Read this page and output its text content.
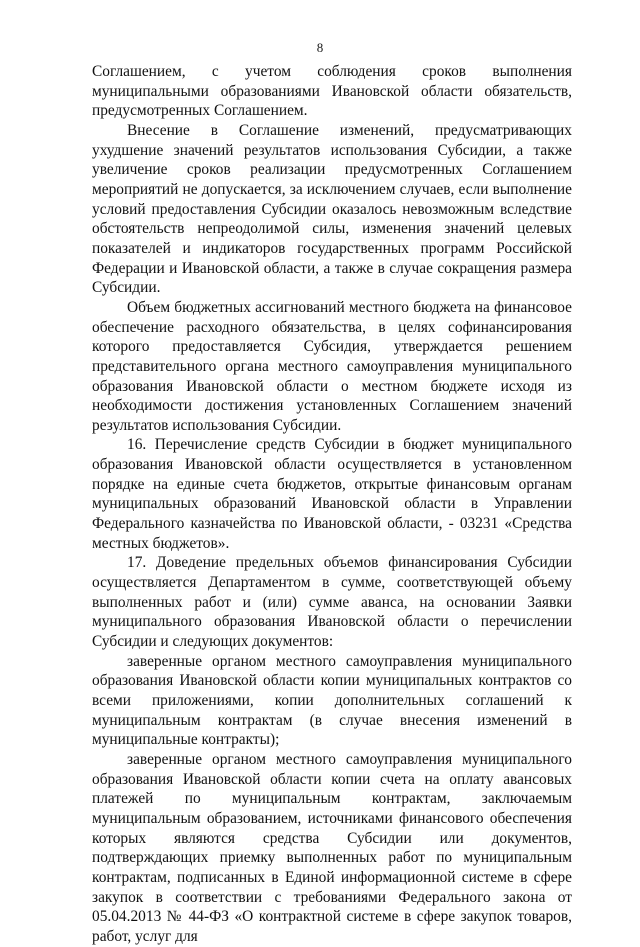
8

Соглашением, с учетом соблюдения сроков выполнения муниципальными образованиями Ивановской области обязательств, предусмотренных Соглашением.

Внесение в Соглашение изменений, предусматривающих ухудшение значений результатов использования Субсидии, а также увеличение сроков реализации предусмотренных Соглашением мероприятий не допускается, за исключением случаев, если выполнение условий предоставления Субсидии оказалось невозможным вследствие обстоятельств непреодолимой силы, изменения значений целевых показателей и индикаторов государственных программ Российской Федерации и Ивановской области, а также в случае сокращения размера Субсидии.

Объем бюджетных ассигнований местного бюджета на финансовое обеспечение расходного обязательства, в целях софинансирования которого предоставляется Субсидия, утверждается решением представительного органа местного самоуправления муниципального образования Ивановской области о местном бюджете исходя из необходимости достижения установленных Соглашением значений результатов использования Субсидии.

16. Перечисление средств Субсидии в бюджет муниципального образования Ивановской области осуществляется в установленном порядке на единые счета бюджетов, открытые финансовым органам муниципальных образований Ивановской области в Управлении Федерального казначейства по Ивановской области, - 03231 «Средства местных бюджетов».

17. Доведение предельных объемов финансирования Субсидии осуществляется Департаментом в сумме, соответствующей объему выполненных работ и (или) сумме аванса, на основании Заявки муниципального образования Ивановской области о перечислении Субсидии и следующих документов:

заверенные органом местного самоуправления муниципального образования Ивановской области копии муниципальных контрактов со всеми приложениями, копии дополнительных соглашений к муниципальным контрактам (в случае внесения изменений в муниципальные контракты);

заверенные органом местного самоуправления муниципального образования Ивановской области копии счета на оплату авансовых платежей по муниципальным контрактам, заключаемым муниципальным образованием, источниками финансового обеспечения которых являются средства Субсидии или документов, подтверждающих приемку выполненных работ по муниципальным контрактам, подписанных в Единой информационной системе в сфере закупок в соответствии с требованиями Федерального закона от 05.04.2013 № 44-ФЗ «О контрактной системе в сфере закупок товаров, работ, услуг для
